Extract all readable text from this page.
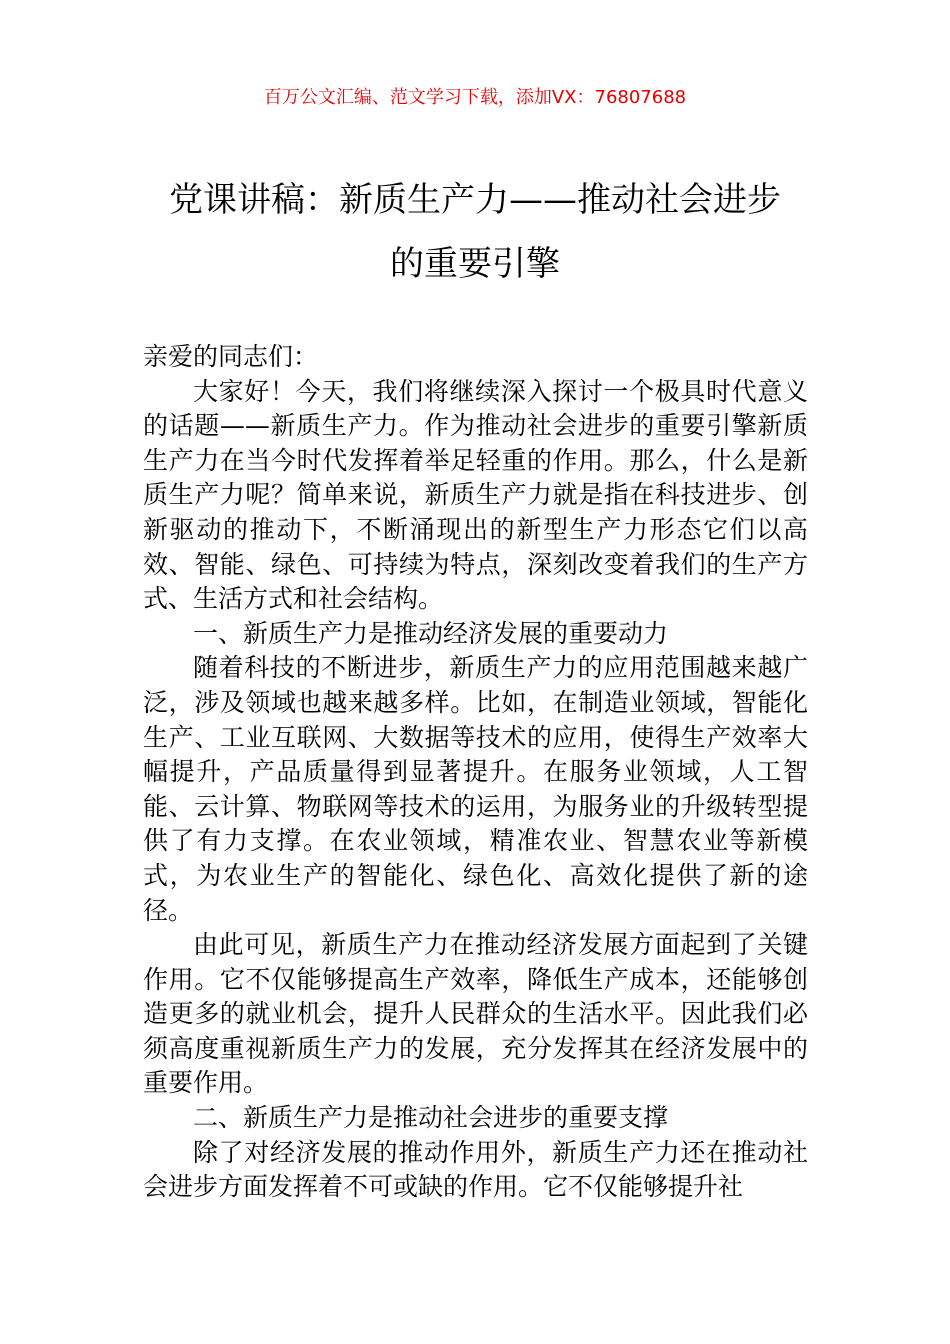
百万公文汇编、范文学习下载，添加VX：76807688
党课讲稿：新质生产力——推动社会进步
的重要引擎

亲爱的同志们：

大家好！今天，我们将继续深入探讨一个极具时代意义的话题——新质生产力。作为推动社会进步的重要引擎新质生产力在当今时代发挥着举足轻重的作用。那么，什么是新质生产力呢？简单来说，新质生产力就是指在科技进步、创新驱动的推动下，不断涌现出的新型生产力形态它们以高效、智能、绿色、可持续为特点，深刻改变着我们的生产方式、生活方式和社会结构。

一、新质生产力是推动经济发展的重要动力

随着科技的不断进步，新质生产力的应用范围越来越广泛，涉及领域也越来越多样。比如，在制造业领域，智能化生产、工业互联网、大数据等技术的应用，使得生产效率大幅提升，产品质量得到显著提升。在服务业领域，人工智能、云计算、物联网等技术的运用，为服务业的升级转型提供了有力支撑。在农业领域，精准农业、智慧农业等新模式，为农业生产的智能化、绿色化、高效化提供了新的途径。

由此可见，新质生产力在推动经济发展方面起到了关键作用。它不仅能够提高生产效率，降低生产成本，还能够创造更多的就业机会，提升人民群众的生活水平。因此我们必须高度重视新质生产力的发展，充分发挥其在经济发展中的重要作用。

二、新质生产力是推动社会进步的重要支撑

除了对经济发展的推动作用外，新质生产力还在推动社会进步方面发挥着不可或缺的作用。它不仅能够提升社
